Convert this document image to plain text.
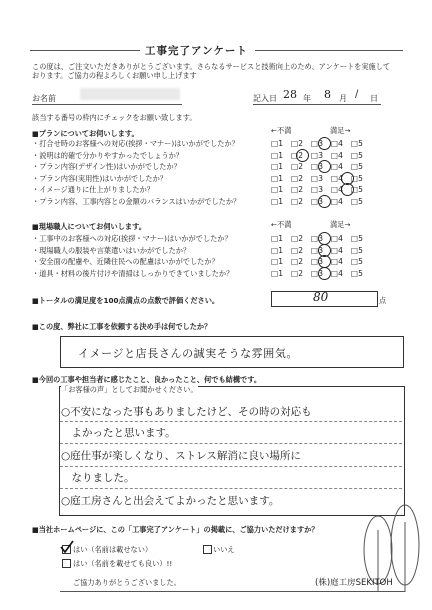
工事完了アンケート
この度は、ご注文いただきありがとうございます。さらなるサービスと技術向上のため、アンケートを実施して
おります。ご協力の程よろしくお願い申し上げます
お名前	記入日 28 年 8 月 / 日
該当する番号の枠内にチェックをお願い致します。
■プランについてお伺いします。	←不満	満足→
・打合せ時のお客様への対応(挨拶・マナー)はいかがでしたか？	□1　□2　□3　□4　□5
・説明は的確で分かりやすかったでしょうか？	□1　□2　□3　□4　□5
・プラン内容(デザイン性)はいかがでしたか？	□1　□2　□3　□4　□5
・プラン内容(実用性)はいかがでしたか？	□1　□2　□3　□4　□5
・イメージ通りに仕上がりましたか？	□1　□2　□3　□4　□5
・プラン内容、工事内容との金額のバランスはいかがでしたか？	□1　□2　□3　□4　□5
■現場職人についてお伺いします。	←不満	満足→
・工事中のお客様への対応(挨拶・マナー)はいかがでしたか？	□1　□2　□3　□4　□5
・現場職人の服装や言葉遣いはいかがでしたか？	□1　□2　□3　□4　□5
・安全面の配慮や、近隣住民への配慮はいかがでしたか？	□1　□2　□3　□4　□5
・道具・材料の後片付けや清掃はしっかりできていましたか？	□1　□2　□3　□4　□5
■トータルの満足度を100点満点の点数で評価ください。	80	点
■この度、弊社に工事を依頼する決め手は何でしたか？
イメージと店長さんの誠実そうな雰囲気。
■今回の工事や担当者に感じたこと、良かったこと、何でも結構です。
「お客様の声」としてお聞かせください。
○不安になった事もありましたけど、その時の対応も
　よかったと思います。
○庭仕事が楽しくなり、ストレス解消に良い場所に
　なりました。
○庭工房さんと出会えてよかったと思います。
■当社ホームページに、この「工事完了アンケート」の掲載に、ご協力いただけますか？
はい（名前は載せない）	いいえ
はい（名前を載せても良い）!!
ご協力ありがとうございました。	(株)庭工房SEKITOH
